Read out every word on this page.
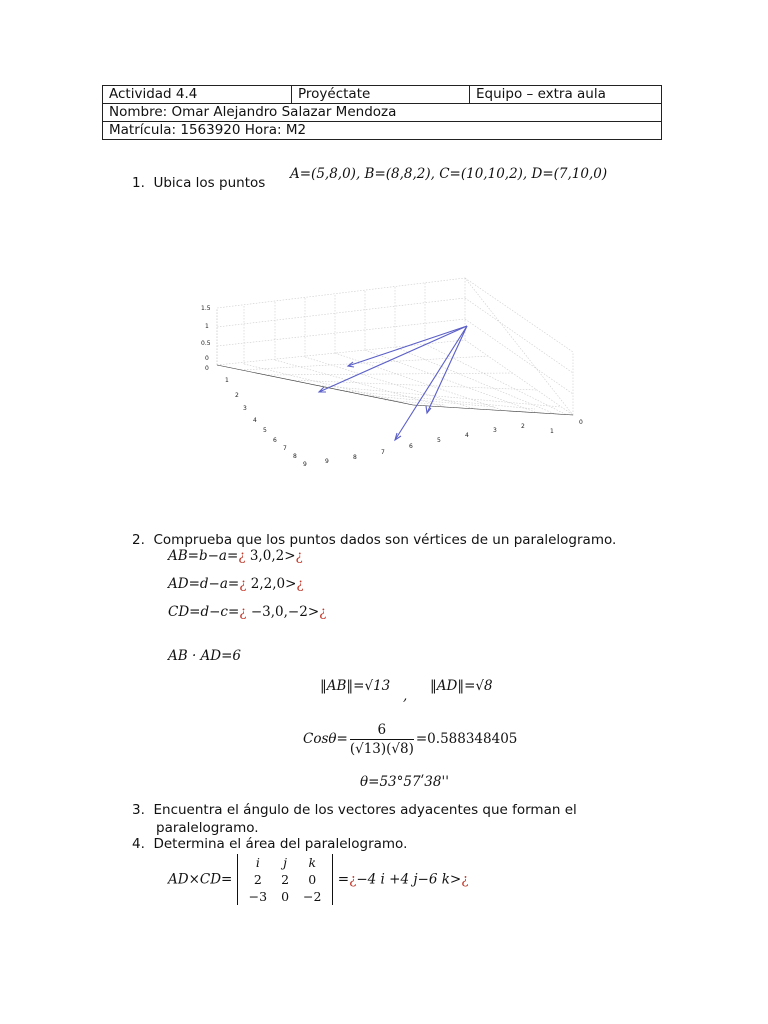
Actividad 4.4	Proyéctate	Equipo – extra aula
Nombre: Omar Alejandro Salazar Mendoza
Matrícula: 1563920 Hora: M2
1. Ubica los puntos
A=(5,8,0), B=(8,8,2), C=(10,10,2), D=(7,10,0)
1.5
1
0.5
0
0
1
2
3
4
5
6
7
8
9	9
8
7
6
5
4
3
2
1
0
2. Comprueba que los puntos dados son vértices de un paralelogramo.
AB=b−a=¿ 3,0,2>¿
AD=d−a=¿ 2,2,0>¿
CD=d−c=¿ −3,0,−2>¿
AB · AD=6
‖AB‖=√13
,
‖AD‖=√8
$Cos\theta= \frac{6}{(√13)(√8)} =0.588348405$
θ=53°57ʹ38''
3. Encuentra el ángulo de los vectores adyacentes que forman el
paralelogramo.
4. Determina el área del paralelogramo.
AD×CD=
i	j	k
2	2	0
−3	0	−2
=¿−4 i +4 j−6 k>¿
